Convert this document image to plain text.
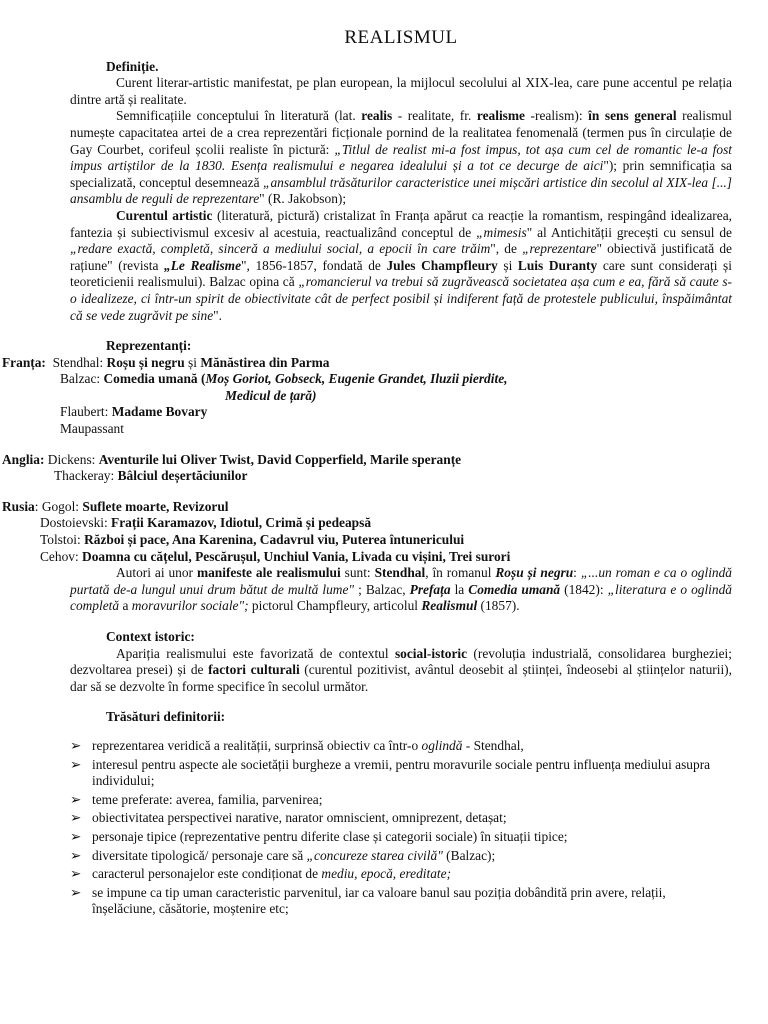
REALISMUL

Definiție.

Curent literar-artistic manifestat, pe plan european, la mijlocul secolului al XIX-lea, care pune accentul pe relația dintre artă și realitate.

Semnificațiile conceptului în literatură (lat. realis - realitate, fr. realisme -realism): în sens general realismul numește capacitatea artei de a crea reprezentări ficționale pornind de la realitatea fenomenală (termen pus în circulație de Gay Courbet, corifeul școlii realiste în pictură: „Titlul de realist mi-a fost impus, tot așa cum cel de romantic le-a fost impus artiștilor de la 1830. Esența realismului e negarea idealului și a tot ce decurge de aici"); prin semnificația sa specializată, conceptul desemnează „ansamblul trăsăturilor caracteristice unei mișcări artistice din secolul al XIX-lea [...] ansamblu de reguli de reprezentare" (R. Jakobson);

Curentul artistic (literatură, pictură) cristalizat în Franța apărut ca reacție la romantism, respingând idealizarea, fantezia și subiectivismul excesiv al acestuia, reactualizând conceptul de „mimesis" al Antichității grecești cu sensul de „redare exactă, completă, sinceră a mediului social, a epocii în care trăim", de „reprezentare" obiectivă justificată de rațiune" (revista „Le Realisme", 1856-1857, fondată de Jules Champfleury și Luis Duranty care sunt considerați și teoreticienii realismului). Balzac opina că „romancierul va trebui să zugrăvească societatea așa cum e ea, fără să caute s-o idealizeze, ci într-un spirit de obiectivitate cât de perfect posibil și indiferent față de protestele publicului, înspăimântat că se vede zugrăvit pe sine".

Reprezentanți:

Franța: Stendhal: Roșu și negru și Mănăstirea din Parma
Balzac: Comedia umană (Moș Goriot, Gobseck, Eugenie Grandet, Iluzii pierdite,
Medicul de țară)
Flaubert: Madame Bovary
Maupassant
Anglia: Dickens: Aventurile lui Oliver Twist, David Copperfield, Marile speranțe
Thackeray: Bâlciul deșertăciunilor
Rusia: Gogol: Suflete moarte, Revizorul
Dostoievski: Frații Karamazov, Idiotul, Crimă și pedeapsă
Tolstoi: Război și pace, Ana Karenina, Cadavrul viu, Puterea întunericului
Cehov: Doamna cu cățelul, Pescărușul, Unchiul Vania, Livada cu vișini, Trei surori

Autori ai unor manifeste ale realismului sunt: Stendhal, în romanul Roșu și negru: „...un roman e ca o oglindă purtată de-a lungul unui drum bătut de multă lume" ; Balzac, Prefața la Comedia umană (1842): „literatura e o oglindă completă a moravurilor sociale"; pictorul Champfleury, articolul Realismul (1857).

Context istoric:

Apariția realismului este favorizată de contextul social-istoric (revoluția industrială, consolidarea burgheziei; dezvoltarea presei) și de factori culturali (curentul pozitivist, avântul deosebit al științei, îndeosebi al științelor naturii), dar să se dezvolte în forme specifice în secolul următor.

Trăsături definitorii:

➢ reprezentarea veridică a realității, surprinsă obiectiv ca într-o oglindă - Stendhal,
➢ interesul pentru aspecte ale societății burgheze a vremii, pentru moravurile sociale pentru influența mediului asupra individului;
➢ teme preferate: averea, familia, parvenirea;
➢ obiectivitatea perspectivei narative, narator omniscient, omniprezent, detașat;
➢ personaje tipice (reprezentative pentru diferite clase și categorii sociale) în situații tipice;
➢ diversitate tipologică/ personaje care să „concureze starea civilă" (Balzac);
➢ caracterul personajelor este condiționat de mediu, epocă, ereditate;
➢ se impune ca tip uman caracteristic parvenitul, iar ca valoare banul sau poziția dobândită prin avere, relații, înșelăciune, căsătorie, moștenire etc;
